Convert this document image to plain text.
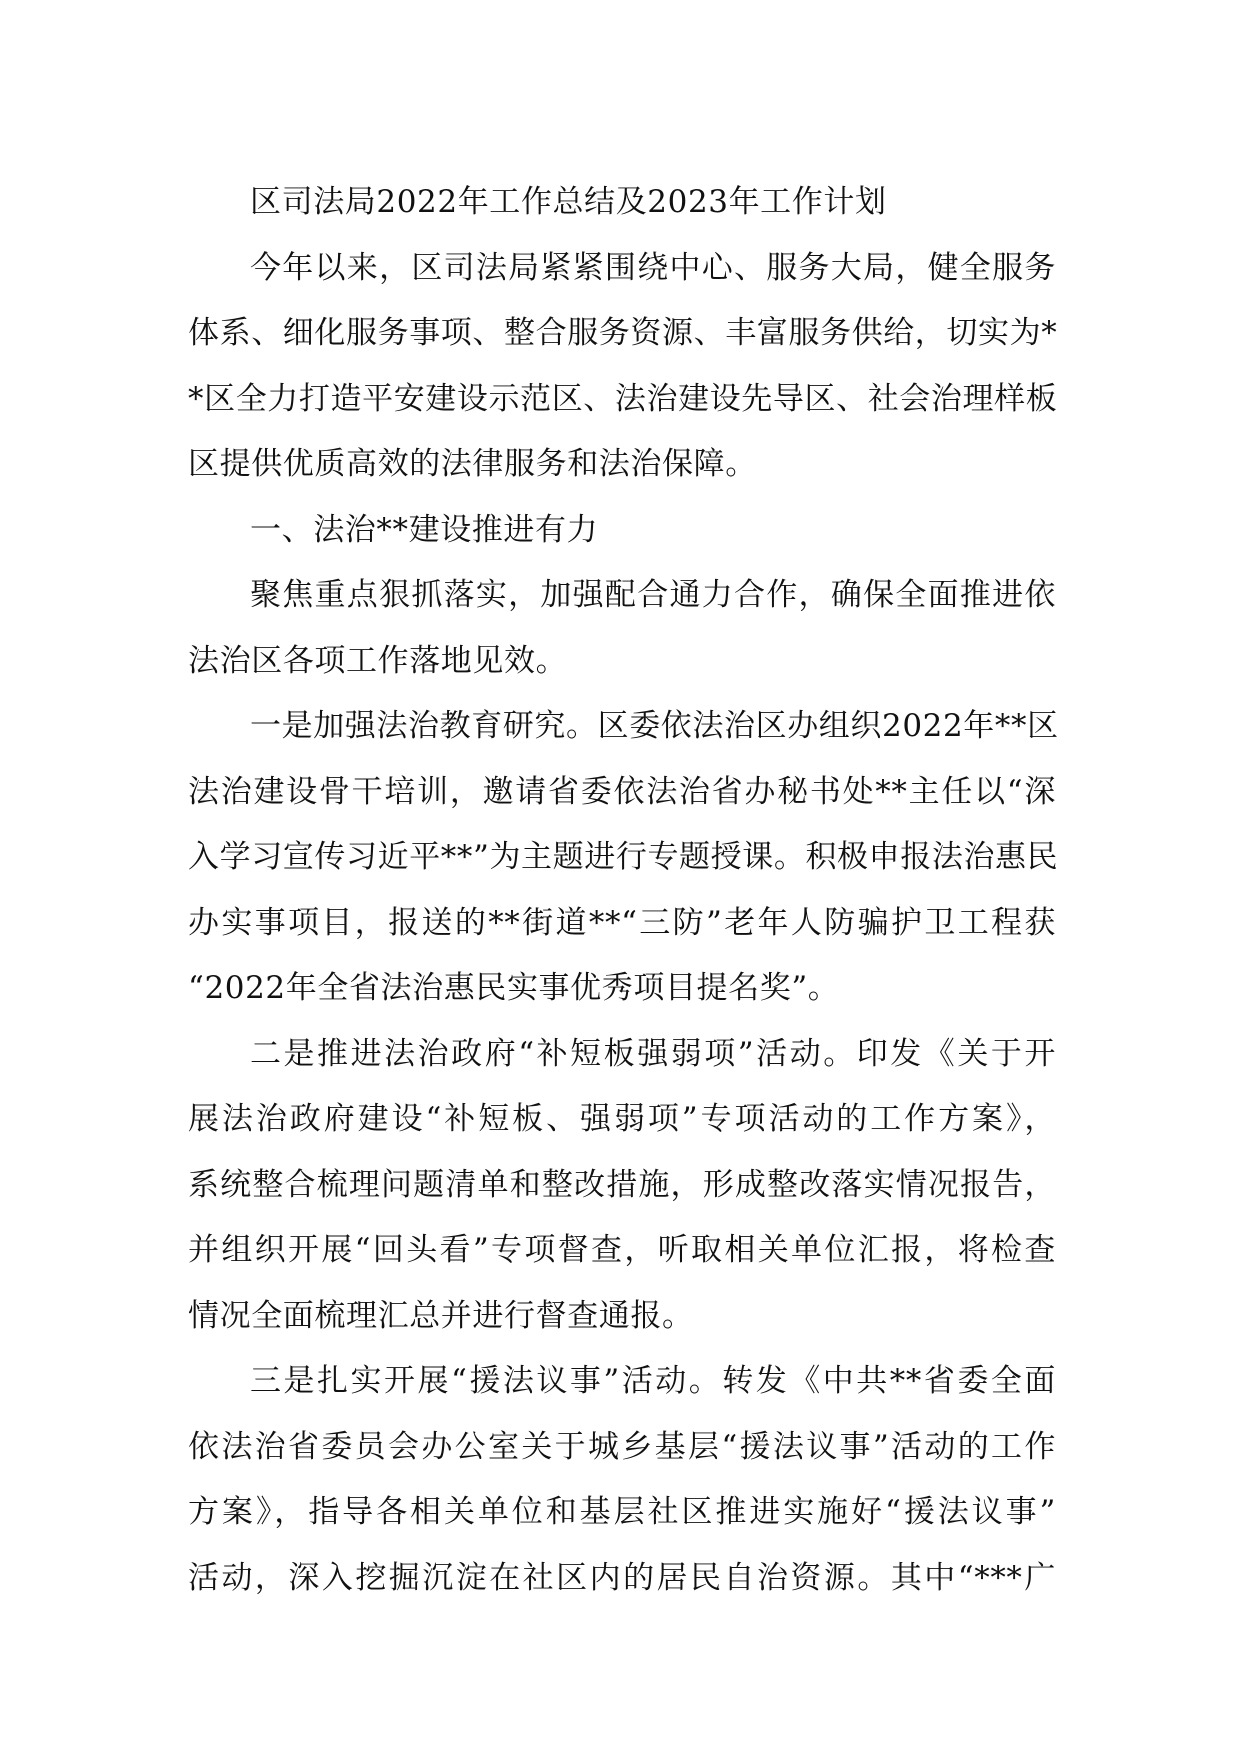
区司法局2022年工作总结及2023年工作计划
今年以来，区司法局紧紧围绕中心、服务大局，健全服务
体系、细化服务事项、整合服务资源、丰富服务供给，切实为*
*区全力打造平安建设示范区、法治建设先导区、社会治理样板
区提供优质高效的法律服务和法治保障。
一、法治**建设推进有力
聚焦重点狠抓落实，加强配合通力合作，确保全面推进依
法治区各项工作落地见效。
一是加强法治教育研究。区委依法治区办组织2022年**区
法治建设骨干培训，邀请省委依法治省办秘书处**主任以“深
入学习宣传习近平**”为主题进行专题授课。积极申报法治惠民
办实事项目，报送的**街道**“三防”老年人防骗护卫工程获
“2022年全省法治惠民实事优秀项目提名奖”。
二是推进法治政府“补短板强弱项”活动。印发《关于开
展法治政府建设“补短板、强弱项”专项活动的工作方案》，
系统整合梳理问题清单和整改措施，形成整改落实情况报告，
并组织开展“回头看”专项督查，听取相关单位汇报，将检查
情况全面梳理汇总并进行督查通报。
三是扎实开展“援法议事”活动。转发《中共**省委全面
依法治省委员会办公室关于城乡基层“援法议事”活动的工作
方案》，指导各相关单位和基层社区推进实施好“援法议事”
活动，深入挖掘沉淀在社区内的居民自治资源。其中“***广
